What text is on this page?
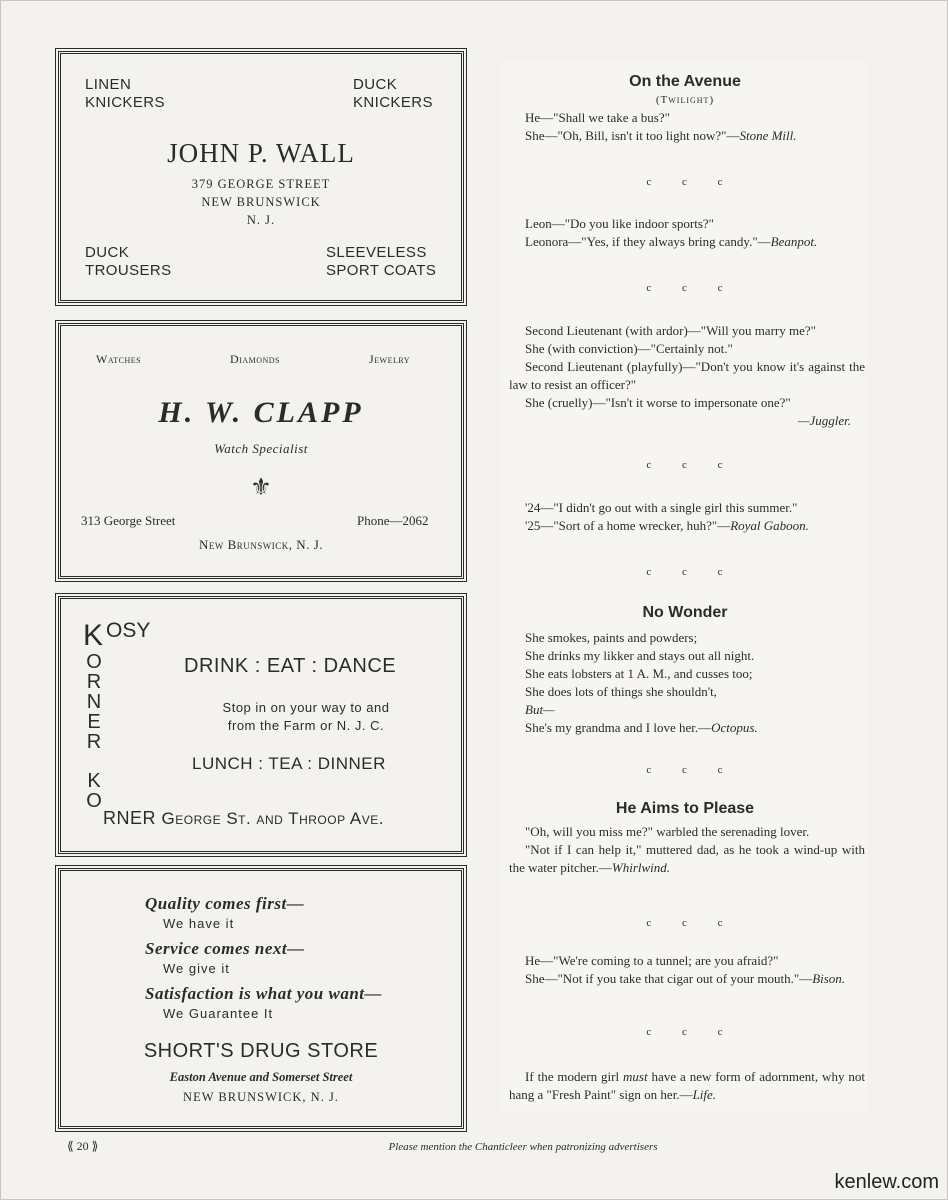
LINEN
KNICKERS
DUCK
KNICKERS
JOHN P. WALL
379 GEORGE STREET
NEW BRUNSWICK
N. J.
DUCK
TROUSERS
SLEEVELESS
SPORT COATS
Watches	Diamonds	Jewelry
H. W. CLAPP
Watch Specialist
⚜
313 George Street	Phone—2062
New Brunswick, N. J.
K OSY
O
R
N
E
R
K
O
RNER George St. and Throop Ave.
DRINK : EAT : DANCE
Stop in on your way to and
from the Farm or N. J. C.
LUNCH : TEA : DINNER
Quality comes first—
We have it
Service comes next—
We give it
Satisfaction is what you want—
We Guarantee It
SHORT'S DRUG STORE
Easton Avenue and Somerset Street
NEW BRUNSWICK, N. J.
On the Avenue
(Twilight)

He—"Shall we take a bus?"

She—"Oh, Bill, isn't it too light now?"—Stone Mill.

c c c

Leon—"Do you like indoor sports?"

Leonora—"Yes, if they always bring candy."—Beanpot.

c c c

Second Lieutenant (with ardor)—"Will you marry me?"

She (with conviction)—"Certainly not."

Second Lieutenant (playfully)—"Don't you know it's against the law to resist an officer?"

She (cruelly)—"Isn't it worse to impersonate one?"

—Juggler.
c c c

'24—"I didn't go out with a single girl this summer."

'25—"Sort of a home wrecker, huh?"—Royal Gaboon.

c c c
No Wonder

She smokes, paints and powders;

She drinks my likker and stays out all night.

She eats lobsters at 1 A. M., and cusses too;

She does lots of things she shouldn't,

But—

She's my grandma and I love her.—Octopus.

c c c
He Aims to Please

"Oh, will you miss me?" warbled the serenading lover.

"Not if I can help it," muttered dad, as he took a wind-up with the water pitcher.—Whirlwind.

c c c

He—"We're coming to a tunnel; are you afraid?"

She—"Not if you take that cigar out of your mouth."—Bison.

c c c

If the modern girl must have a new form of adornment, why not hang a "Fresh Paint" sign on her.—Life.

⟪ 20 ⟫	Please mention the Chanticleer when patronizing advertisers
kenlew.com
